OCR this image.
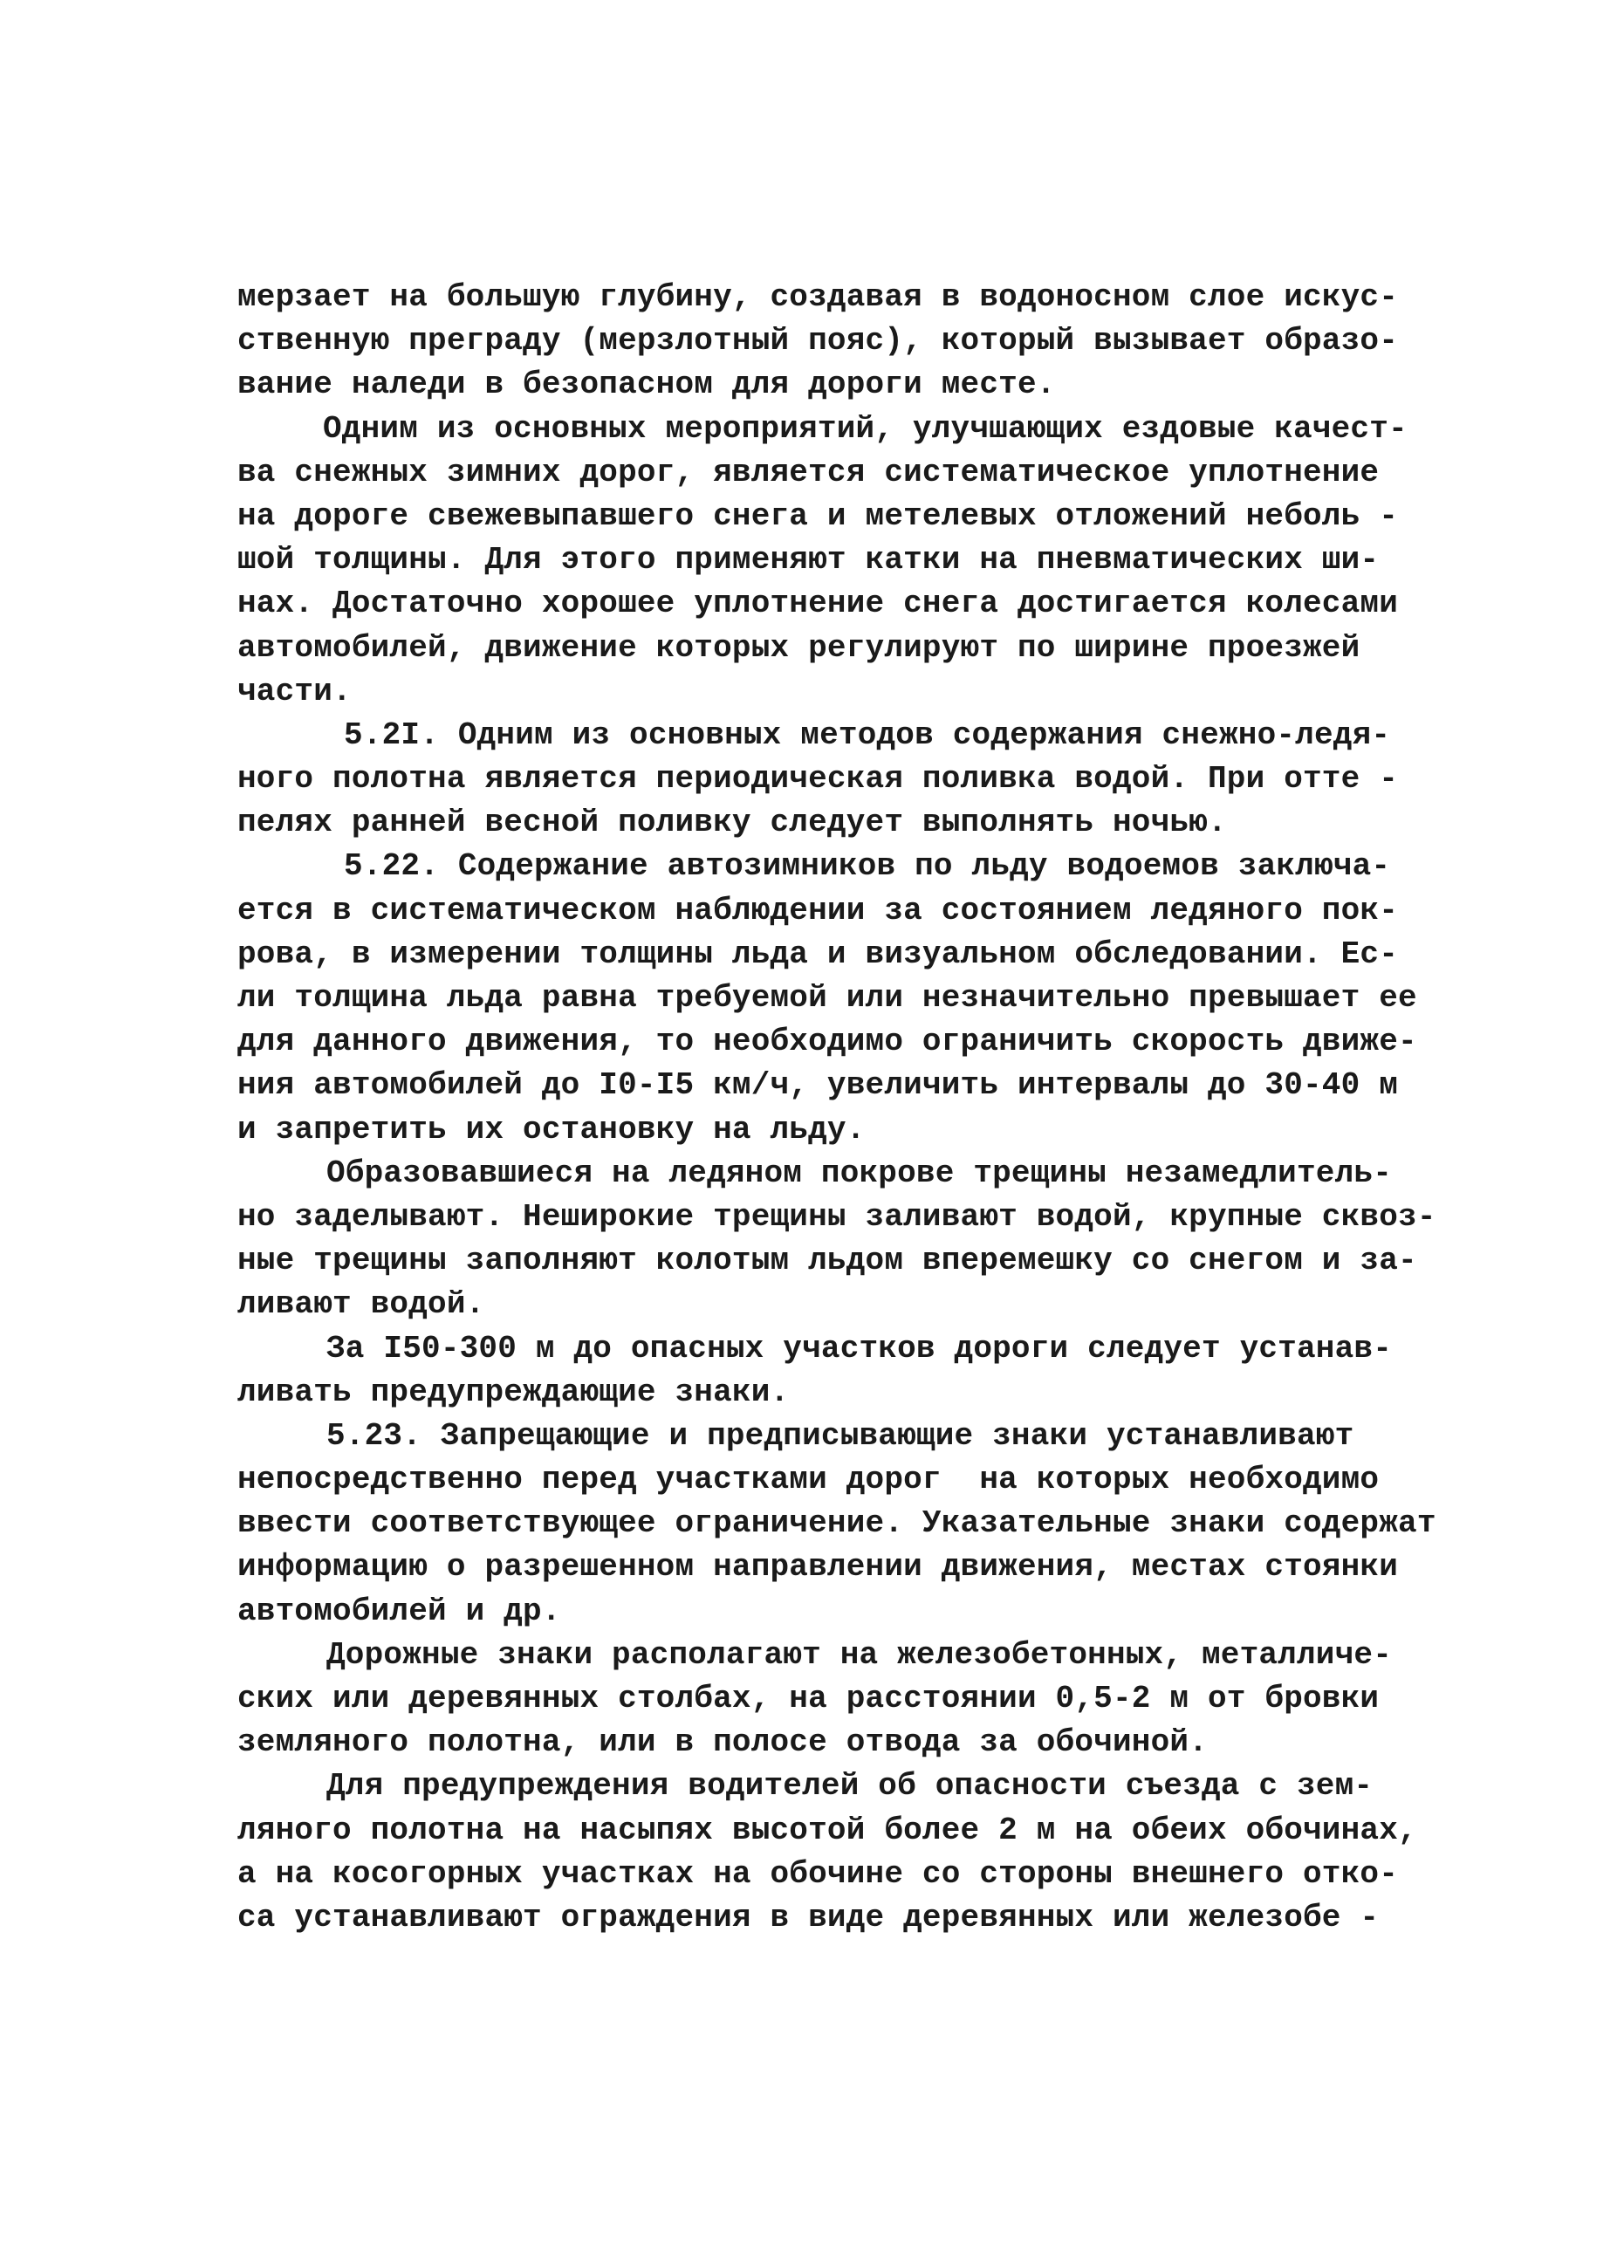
мерзает на большую глубину, создавая в водоносном слое искус-
ственную преграду (мерзлотный пояс), который вызывает образо-
вание наледи в безопасном для дороги месте.
Одним из основных мероприятий, улучшающих ездовые качест-
ва снежных зимних дорог, является систематическое уплотнение
на дороге свежевыпавшего снега и метелевых отложений неболь -
шой толщины. Для этого применяют катки на пневматических ши-
нах. Достаточно хорошее уплотнение снега достигается колесами
автомобилей, движение которых регулируют по ширине проезжей
части.
5.2I. Одним из основных методов содержания снежно-ледя-
ного полотна является периодическая поливка водой. При отте -
пелях ранней весной поливку следует выполнять ночью.
5.22. Содержание автозимников по льду водоемов заключа-
ется в систематическом наблюдении за состоянием ледяного пок-
рова, в измерении толщины льда и визуальном обследовании. Ес-
ли толщина льда равна требуемой или незначительно превышает ее
для данного движения, то необходимо ограничить скорость движе-
ния автомобилей до I0-I5 км/ч, увеличить интервалы до 30-40 м
и запретить их остановку на льду.
Образовавшиеся на ледяном покрове трещины незамедлитель-
но заделывают. Неширокие трещины заливают водой, крупные сквоз-
ные трещины заполняют колотым льдом вперемешку со снегом и за-
ливают водой.
За I50-300 м до опасных участков дороги следует устанав-
ливать предупреждающие знаки.
5.23. Запрещающие и предписывающие знаки устанавливают
непосредственно перед участками дорог  на которых необходимо
ввести соответствующее ограничение. Указательные знаки содержат
информацию о разрешенном направлении движения, местах стоянки
автомобилей и др.
Дорожные знаки располагают на железобетонных, металличе-
ских или деревянных столбах, на расстоянии 0,5-2 м от бровки
земляного полотна, или в полосе отвода за обочиной.
Для предупреждения водителей об опасности съезда с зем-
ляного полотна на насыпях высотой более 2 м на обеих обочинах,
а на косогорных участках на обочине со стороны внешнего отко-
са устанавливают ограждения в виде деревянных или железобе -
